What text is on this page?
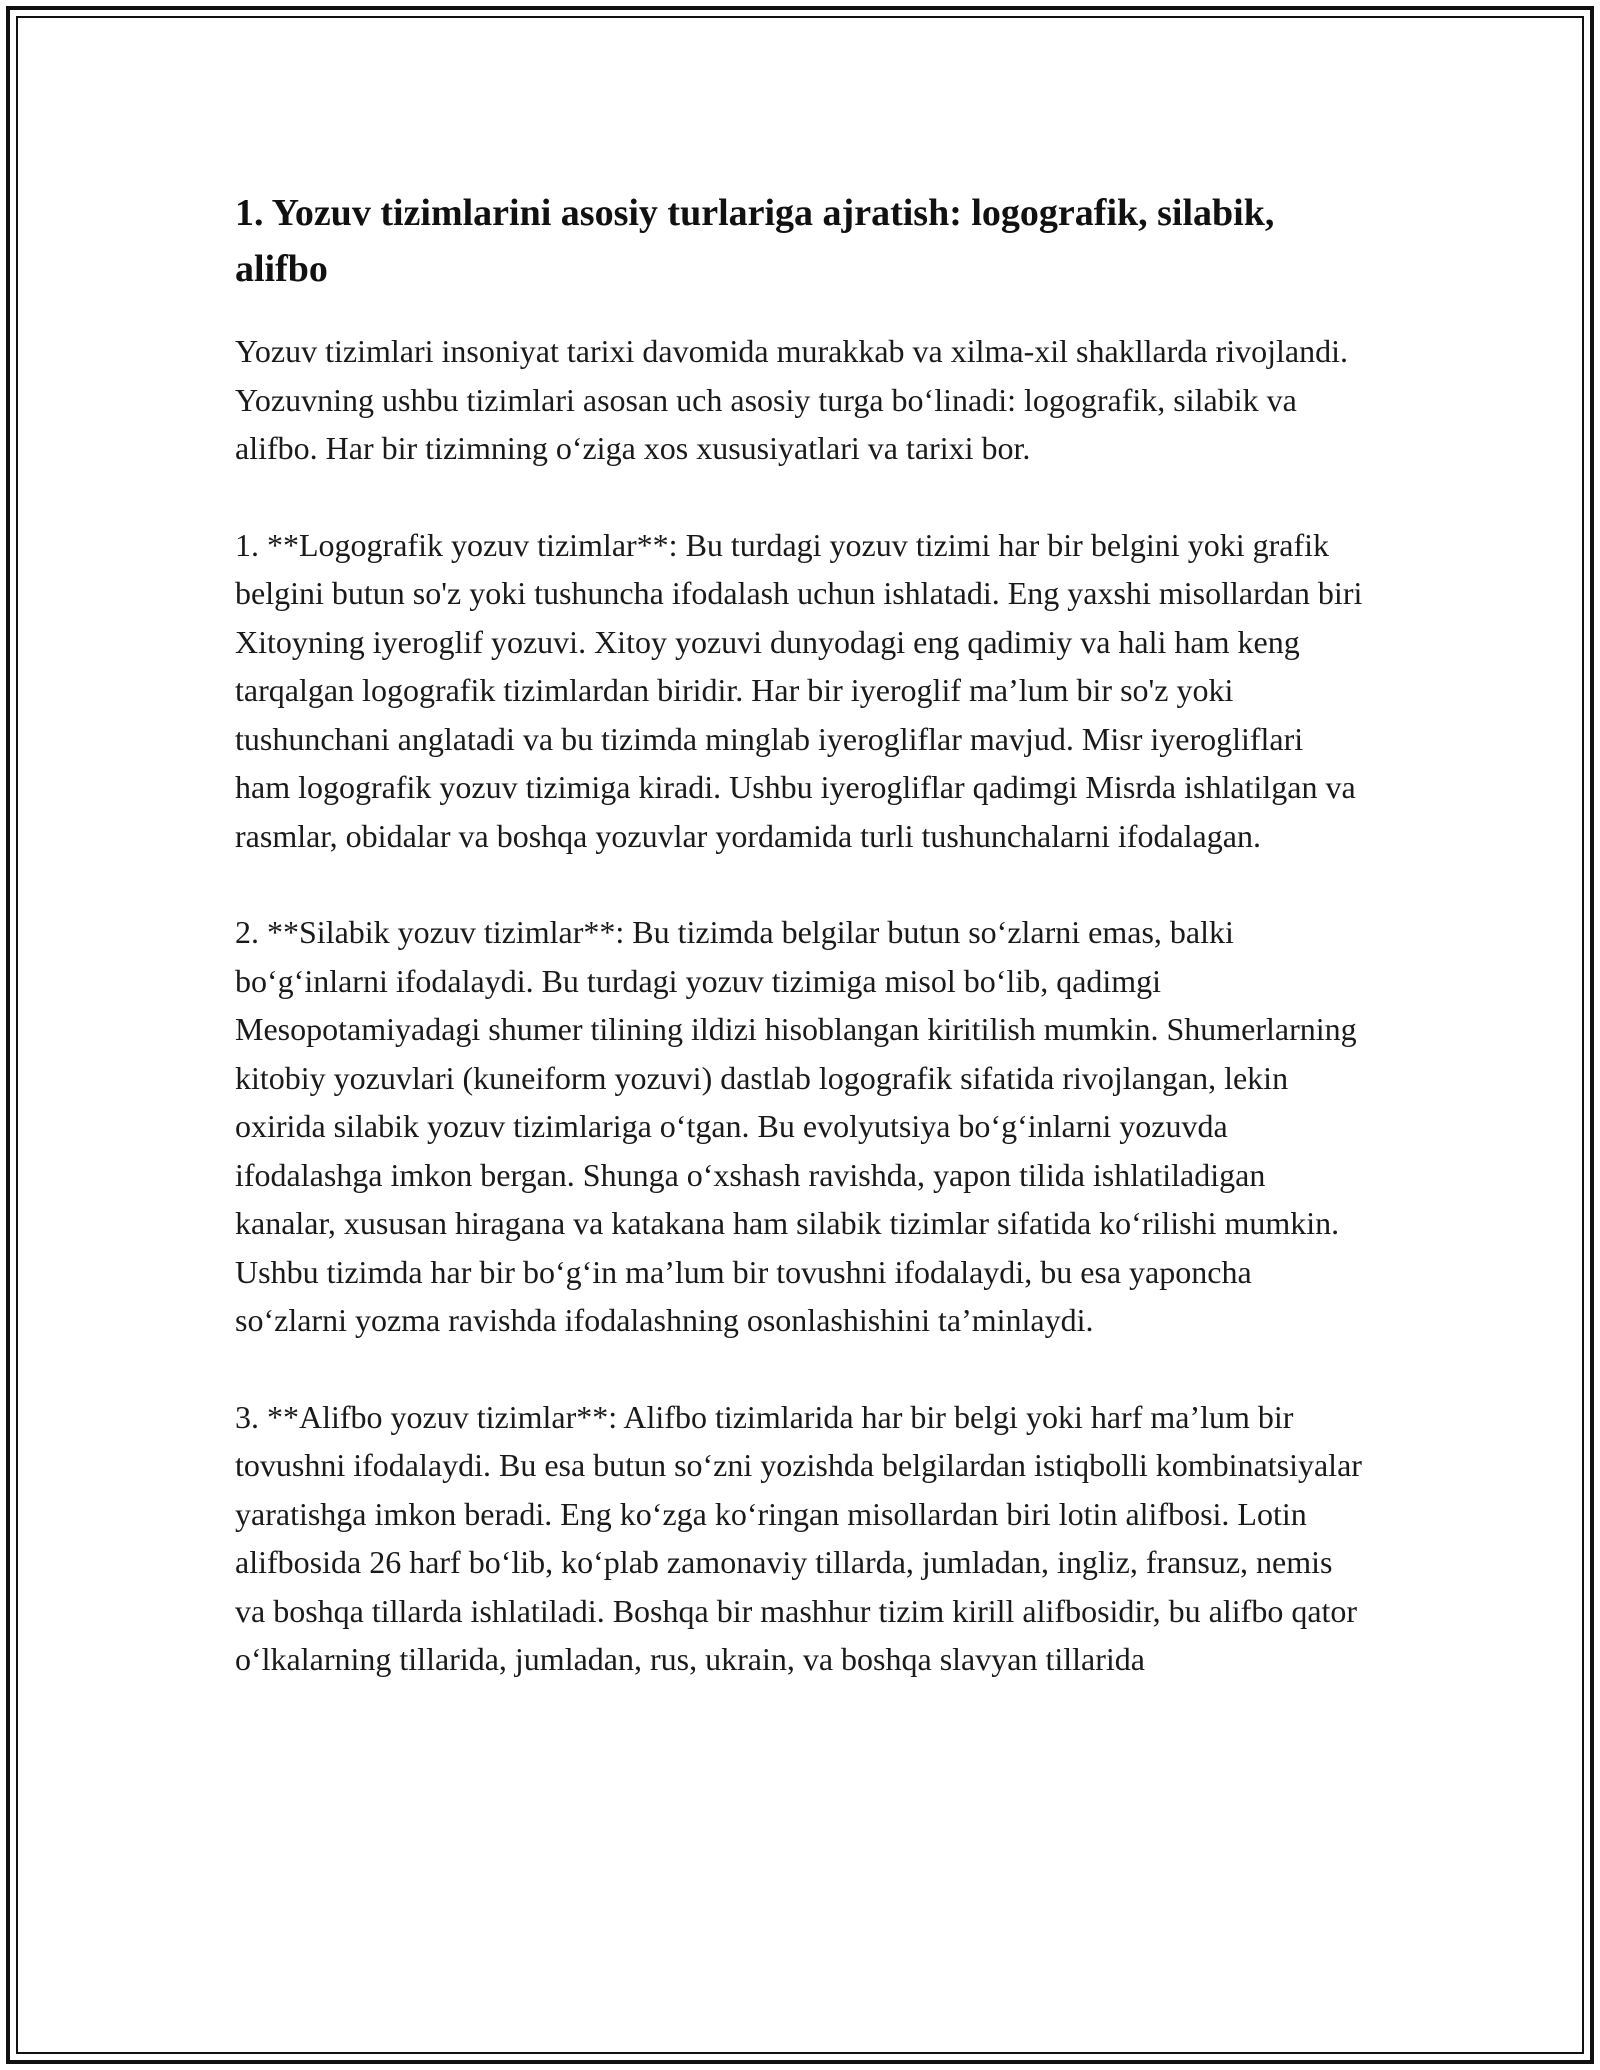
1. Yozuv tizimlarini asosiy turlariga ajratish: logografik, silabik, alifbo

Yozuv tizimlari insoniyat tarixi davomida murakkab va xilma-xil shakllarda rivojlandi. Yozuvning ushbu tizimlari asosan uch asosiy turga bo‘linadi: logografik, silabik va alifbo. Har bir tizimning o‘ziga xos xususiyatlari va tarixi bor.

1. **Logografik yozuv tizimlar**: Bu turdagi yozuv tizimi har bir belgini yoki grafik belgini butun so'z yoki tushuncha ifodalash uchun ishlatadi. Eng yaxshi misollardan biri Xitoyning iyeroglif yozuvi. Xitoy yozuvi dunyodagi eng qadimiy va hali ham keng tarqalgan logografik tizimlardan biridir. Har bir iyeroglif ma’lum bir so'z yoki tushunchani anglatadi va bu tizimda minglab iyerogliflar mavjud. Misr iyerogliflari ham logografik yozuv tizimiga kiradi. Ushbu iyerogliflar qadimgi Misrda ishlatilgan va rasmlar, obidalar va boshqa yozuvlar yordamida turli tushunchalarni ifodalagan.

2. **Silabik yozuv tizimlar**: Bu tizimda belgilar butun so‘zlarni emas, balki bo‘g‘inlarni ifodalaydi. Bu turdagi yozuv tizimiga misol bo‘lib, qadimgi Mesopotamiyadagi shumer tilining ildizi hisoblangan kiritilish mumkin. Shumerlarning kitobiy yozuvlari (kuneiform yozuvi) dastlab logografik sifatida rivojlangan, lekin oxirida silabik yozuv tizimlariga o‘tgan. Bu evolyutsiya bo‘g‘inlarni yozuvda ifodalashga imkon bergan. Shunga o‘xshash ravishda, yapon tilida ishlatiladigan kanalar, xususan hiragana va katakana ham silabik tizimlar sifatida ko‘rilishi mumkin. Ushbu tizimda har bir bo‘g‘in ma’lum bir tovushni ifodalaydi, bu esa yaponcha so‘zlarni yozma ravishda ifodalashning osonlashishini ta’minlaydi.

3. **Alifbo yozuv tizimlar**: Alifbo tizimlarida har bir belgi yoki harf ma’lum bir tovushni ifodalaydi. Bu esa butun so‘zni yozishda belgilardan istiqbolli kombinatsiyalar yaratishga imkon beradi. Eng ko‘zga ko‘ringan misollardan biri lotin alifbosi. Lotin alifbosida 26 harf bo‘lib, ko‘plab zamonaviy tillarda, jumladan, ingliz, fransuz, nemis va boshqa tillarda ishlatiladi. Boshqa bir mashhur tizim kirill alifbosidir, bu alifbo qator o‘lkalarning tillarida, jumladan, rus, ukrain, va boshqa slavyan tillarida
